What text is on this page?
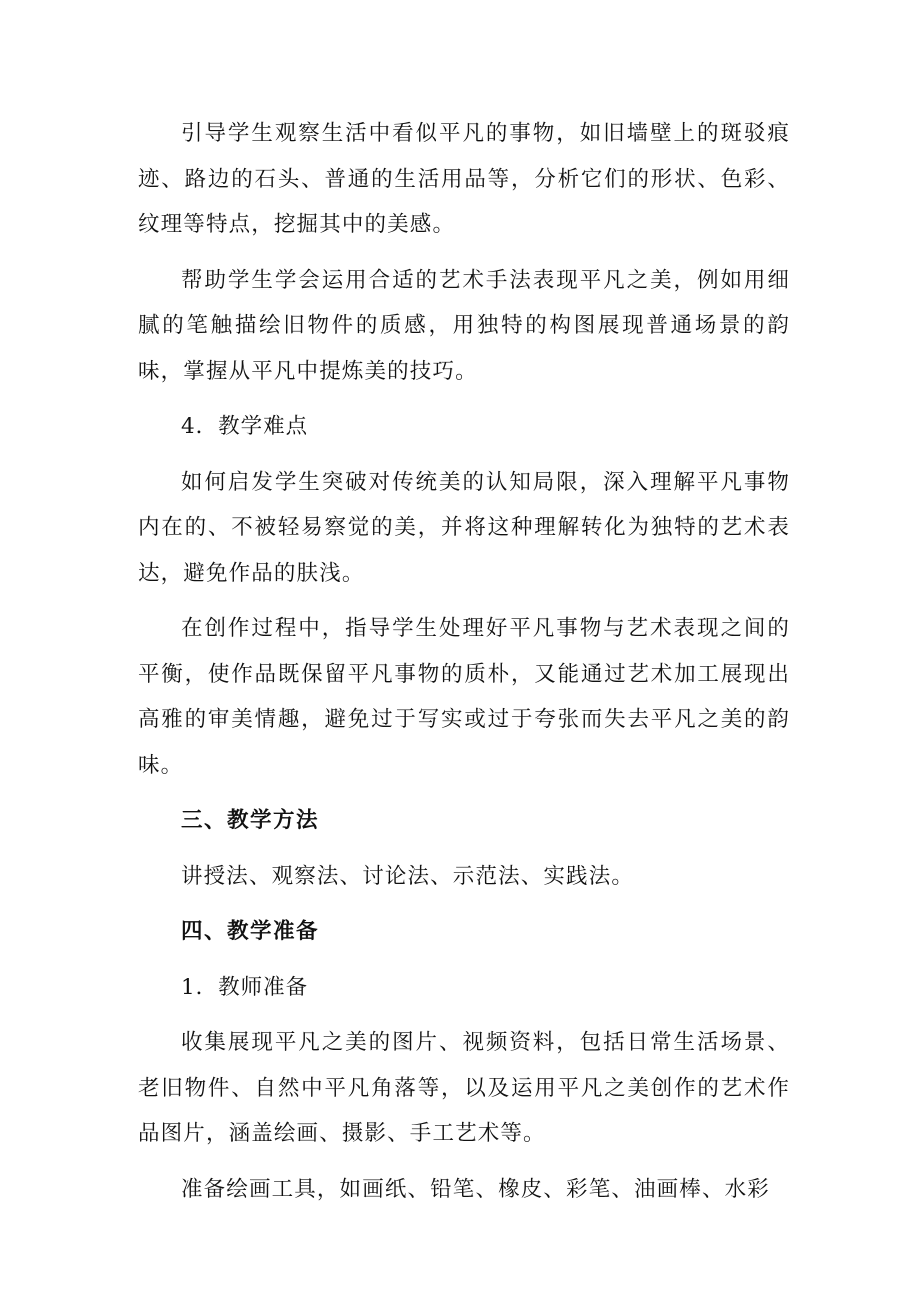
引导学生观察生活中看似平凡的事物，如旧墙壁上的斑驳痕迹、路边的石头、普通的生活用品等，分析它们的形状、色彩、纹理等特点，挖掘其中的美感。

帮助学生学会运用合适的艺术手法表现平凡之美，例如用细腻的笔触描绘旧物件的质感，用独特的构图展现普通场景的韵味，掌握从平凡中提炼美的技巧。

4．教学难点

如何启发学生突破对传统美的认知局限，深入理解平凡事物内在的、不被轻易察觉的美，并将这种理解转化为独特的艺术表达，避免作品的肤浅。

在创作过程中，指导学生处理好平凡事物与艺术表现之间的平衡，使作品既保留平凡事物的质朴，又能通过艺术加工展现出高雅的审美情趣，避免过于写实或过于夸张而失去平凡之美的韵味。

三、教学方法

讲授法、观察法、讨论法、示范法、实践法。

四、教学准备

1．教师准备

收集展现平凡之美的图片、视频资料，包括日常生活场景、老旧物件、自然中平凡角落等，以及运用平凡之美创作的艺术作品图片，涵盖绘画、摄影、手工艺术等。

准备绘画工具，如画纸、铅笔、橡皮、彩笔、油画棒、水彩
